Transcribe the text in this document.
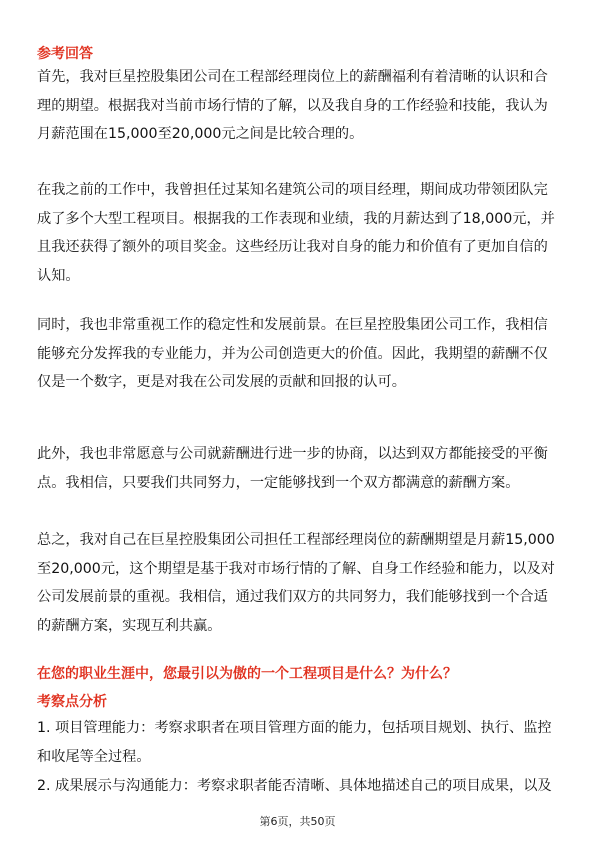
参考回答
首先，我对巨星控股集团公司在工程部经理岗位上的薪酬福利有着清晰的认识和合
理的期望。根据我对当前市场行情的了解，以及我自身的工作经验和技能，我认为
月薪范围在15,000至20,000元之间是比较合理的。
在我之前的工作中，我曾担任过某知名建筑公司的项目经理，期间成功带领团队完
成了多个大型工程项目。根据我的工作表现和业绩，我的月薪达到了18,000元，并
且我还获得了额外的项目奖金。这些经历让我对自身的能力和价值有了更加自信的
认知。
同时，我也非常重视工作的稳定性和发展前景。在巨星控股集团公司工作，我相信
能够充分发挥我的专业能力，并为公司创造更大的价值。因此，我期望的薪酬不仅
仅是一个数字，更是对我在公司发展的贡献和回报的认可。
此外，我也非常愿意与公司就薪酬进行进一步的协商，以达到双方都能接受的平衡
点。我相信，只要我们共同努力，一定能够找到一个双方都满意的薪酬方案。
总之，我对自己在巨星控股集团公司担任工程部经理岗位的薪酬期望是月薪15,000
至20,000元，这个期望是基于我对市场行情的了解、自身工作经验和能力，以及对
公司发展前景的重视。我相信，通过我们双方的共同努力，我们能够找到一个合适
的薪酬方案，实现互利共赢。
在您的职业生涯中，您最引以为傲的一个工程项目是什么？为什么？
考察点分析
1. 项目管理能力：考察求职者在项目管理方面的能力，包括项目规划、执行、监控
和收尾等全过程。
2. 成果展示与沟通能力：考察求职者能否清晰、具体地描述自己的项目成果，以及
第6页，共50页
